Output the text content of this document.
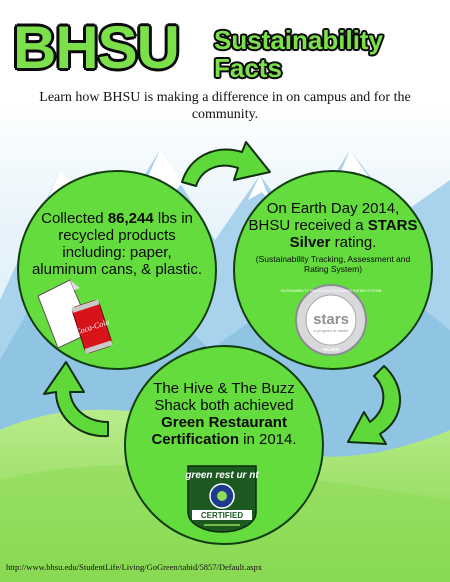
BHSU Sustainability
Facts
Learn how BHSU is making a difference in on campus and for the community.
Collected 86,244 lbs in recycled products including: paper, aluminum cans, & plastic.
Coca-Cola
On Earth Day 2014, BHSU received a STARS Silver rating.
(Sustainability Tracking, Assessment and Rating System)
SUSTAINABILITY TRACKING ASSESSMENT RATING SYSTEM
stars
a program of aashe
SILVER
The Hive & The Buzz Shack both achieved Green Restaurant Certification in 2014.
green rest ur nt
CERTIFIED
http://www.bhsu.edu/StudentLife/Living/GoGreen/tabid/5857/Default.aspx
